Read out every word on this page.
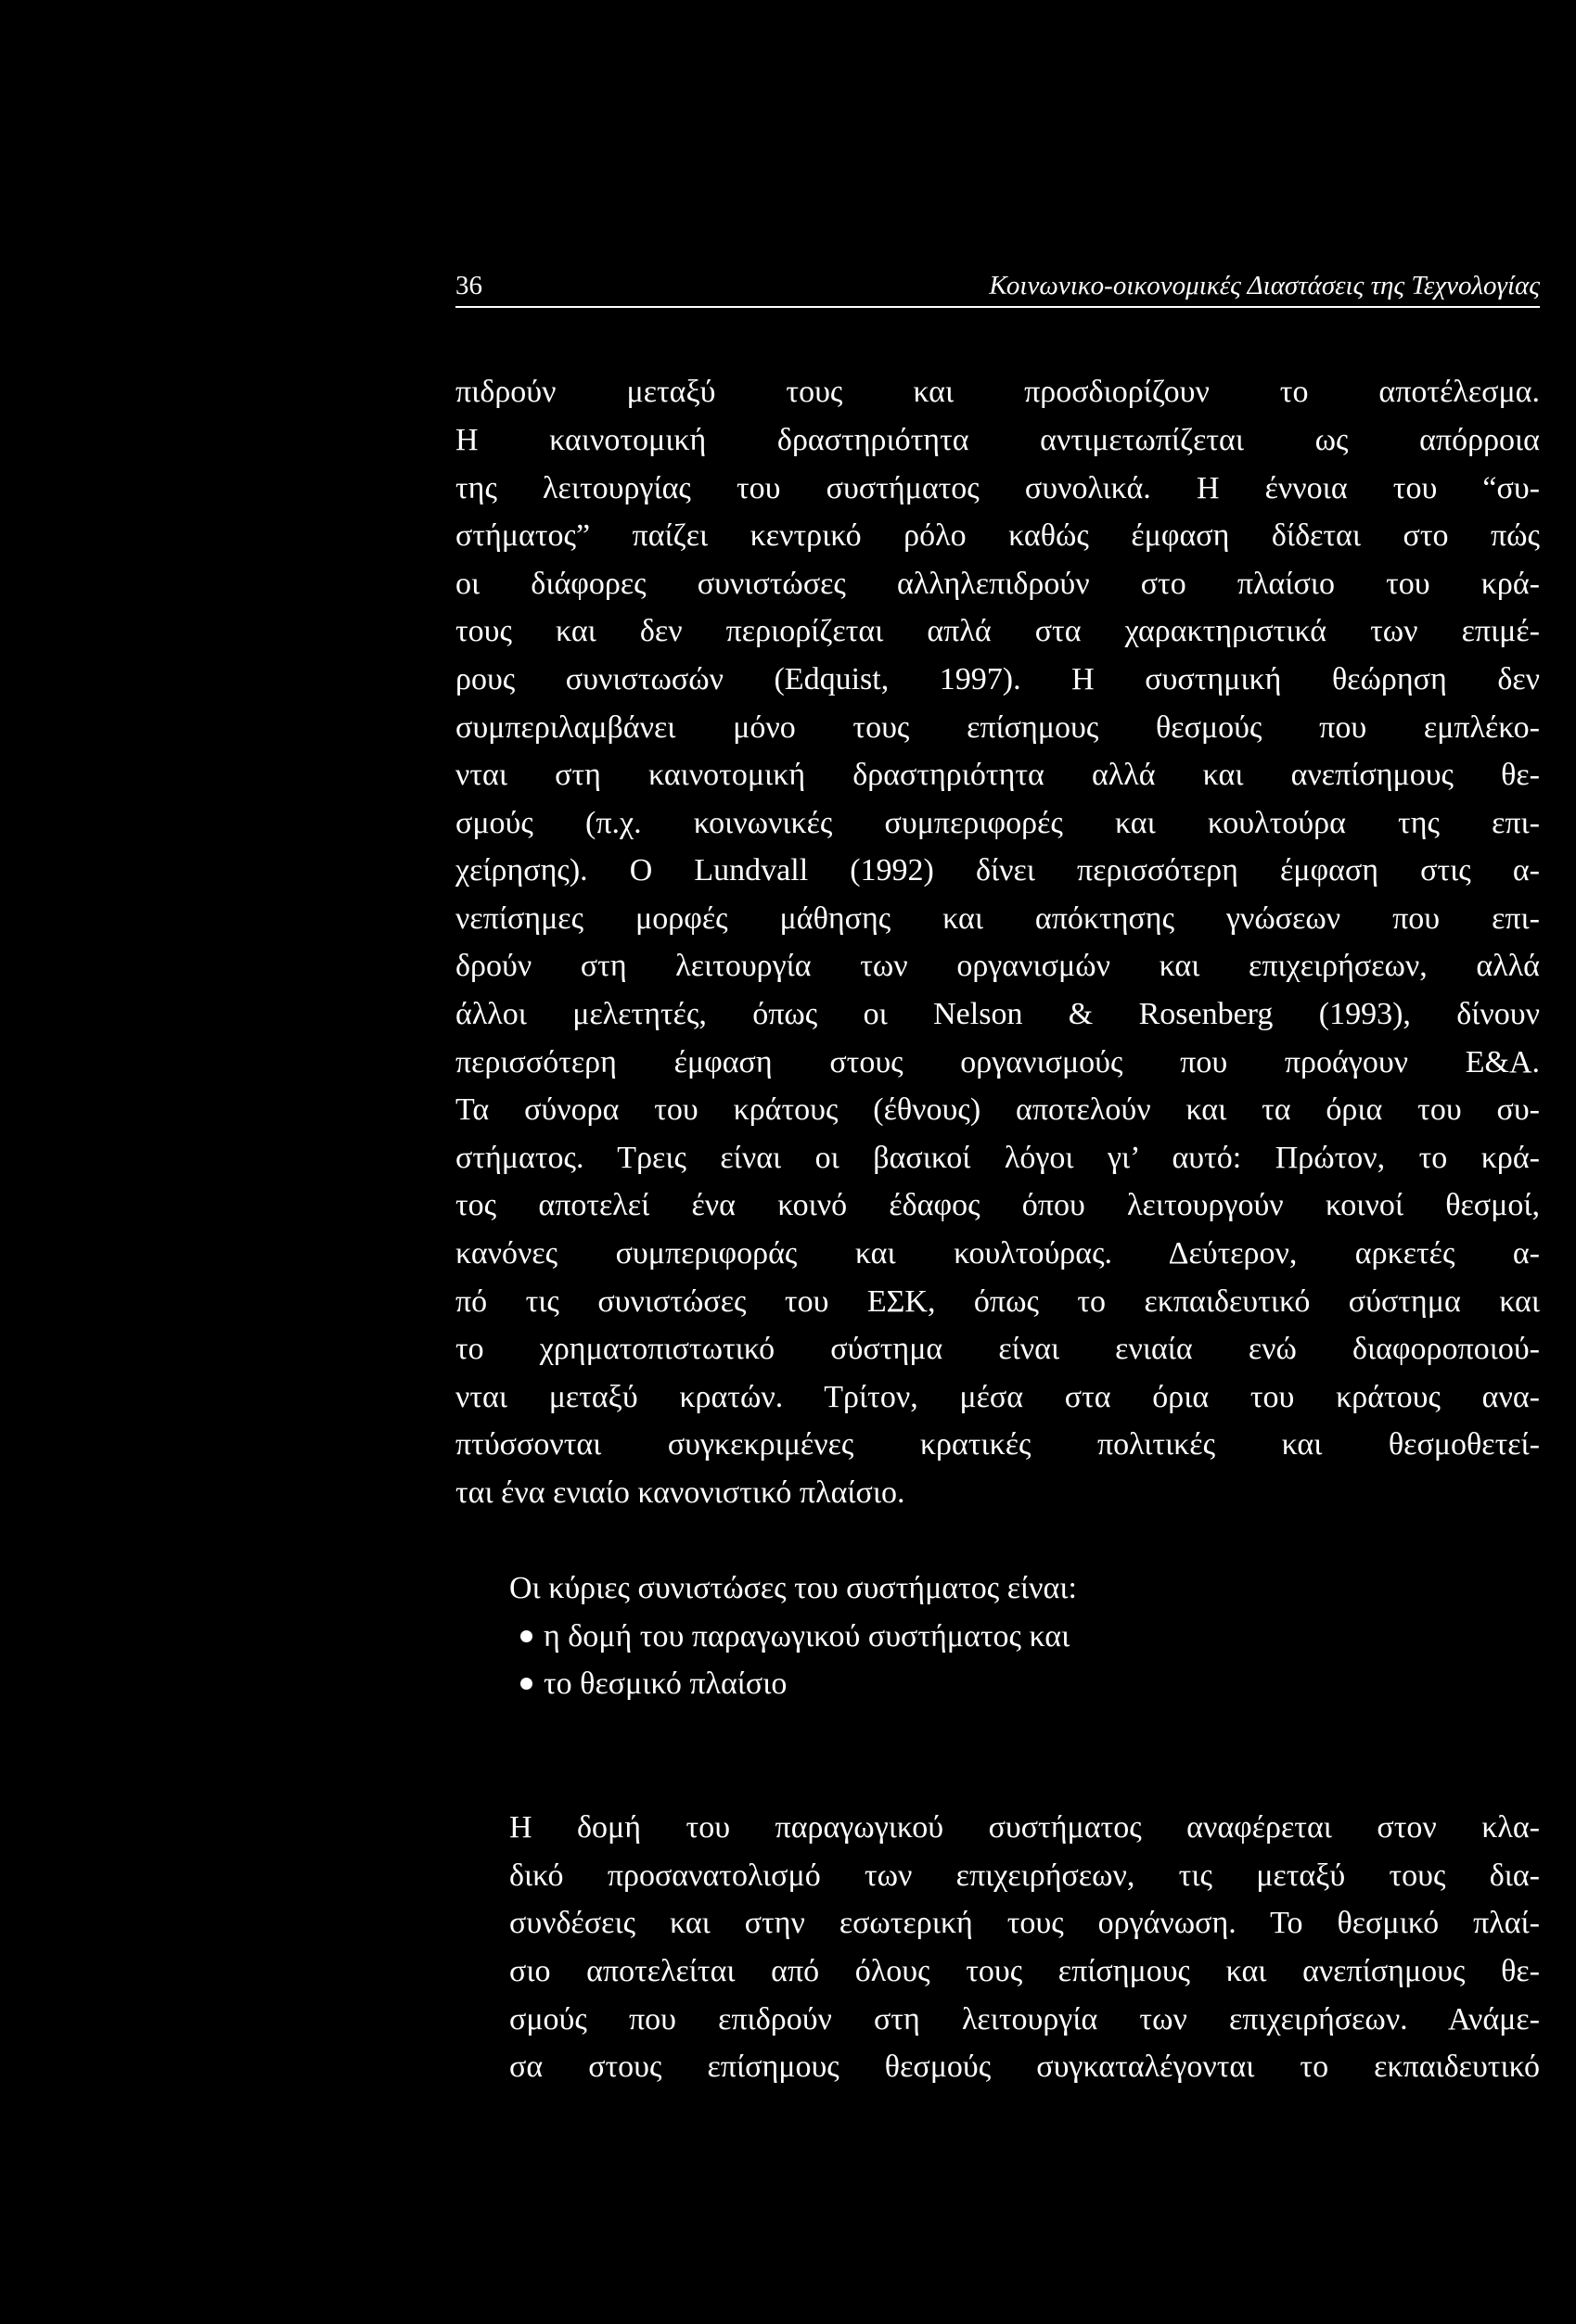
36	Κοινωνικο-οικονομικές Διαστάσεις της Τεχνολογίας
πιδρούν μεταξύ τους και προσδιορίζουν το αποτέλεσμα.
Η καινοτομική δραστηριότητα αντιμετωπίζεται ως απόρροια
της λειτουργίας του συστήματος συνολικά. Η έννοια του “συ-
στήματος” παίζει κεντρικό ρόλο καθώς έμφαση δίδεται στο πώς
οι διάφορες συνιστώσες αλληλεπιδρούν στο πλαίσιο του κρά-
τους και δεν περιορίζεται απλά στα χαρακτηριστικά των επιμέ-
ρους συνιστωσών (Edquist, 1997). Η συστημική θεώρηση δεν
συμπεριλαμβάνει μόνο τους επίσημους θεσμούς που εμπλέκο-
νται στη καινοτομική δραστηριότητα αλλά και ανεπίσημους θε-
σμούς (π.χ. κοινωνικές συμπεριφορές και κουλτούρα της επι-
χείρησης). Ο Lundvall (1992) δίνει περισσότερη έμφαση στις α-
νεπίσημες μορφές μάθησης και απόκτησης γνώσεων που επι-
δρούν στη λειτουργία των οργανισμών και επιχειρήσεων, αλλά
άλλοι μελετητές, όπως οι Nelson & Rosenberg (1993), δίνουν
περισσότερη έμφαση στους οργανισμούς που προάγουν Ε&Α.
Τα σύνορα του κράτους (έθνους) αποτελούν και τα όρια του συ-
στήματος. Τρεις είναι οι βασικοί λόγοι γι’ αυτό: Πρώτον, το κρά-
τος αποτελεί ένα κοινό έδαφος όπου λειτουργούν κοινοί θεσμοί,
κανόνες συμπεριφοράς και κουλτούρας. Δεύτερον, αρκετές α-
πό τις συνιστώσες του ΕΣΚ, όπως το εκπαιδευτικό σύστημα και
το χρηματοπιστωτικό σύστημα είναι ενιαία ενώ διαφοροποιού-
νται μεταξύ κρατών. Τρίτον, μέσα στα όρια του κράτους ανα-
πτύσσονται συγκεκριμένες κρατικές πολιτικές και θεσμοθετεί-
ται ένα ενιαίο κανονιστικό πλαίσιο.
Οι κύριες συνιστώσες του συστήματος είναι:
η δομή του παραγωγικού συστήματος και
το θεσμικό πλαίσιο
Η δομή του παραγωγικού συστήματος αναφέρεται στον κλα-
δικό προσανατολισμό των επιχειρήσεων, τις μεταξύ τους δια-
συνδέσεις και στην εσωτερική τους οργάνωση. Το θεσμικό πλαί-
σιο αποτελείται από όλους τους επίσημους και ανεπίσημους θε-
σμούς που επιδρούν στη λειτουργία των επιχειρήσεων. Ανάμε-
σα στους επίσημους θεσμούς συγκαταλέγονται το εκπαιδευτικό
